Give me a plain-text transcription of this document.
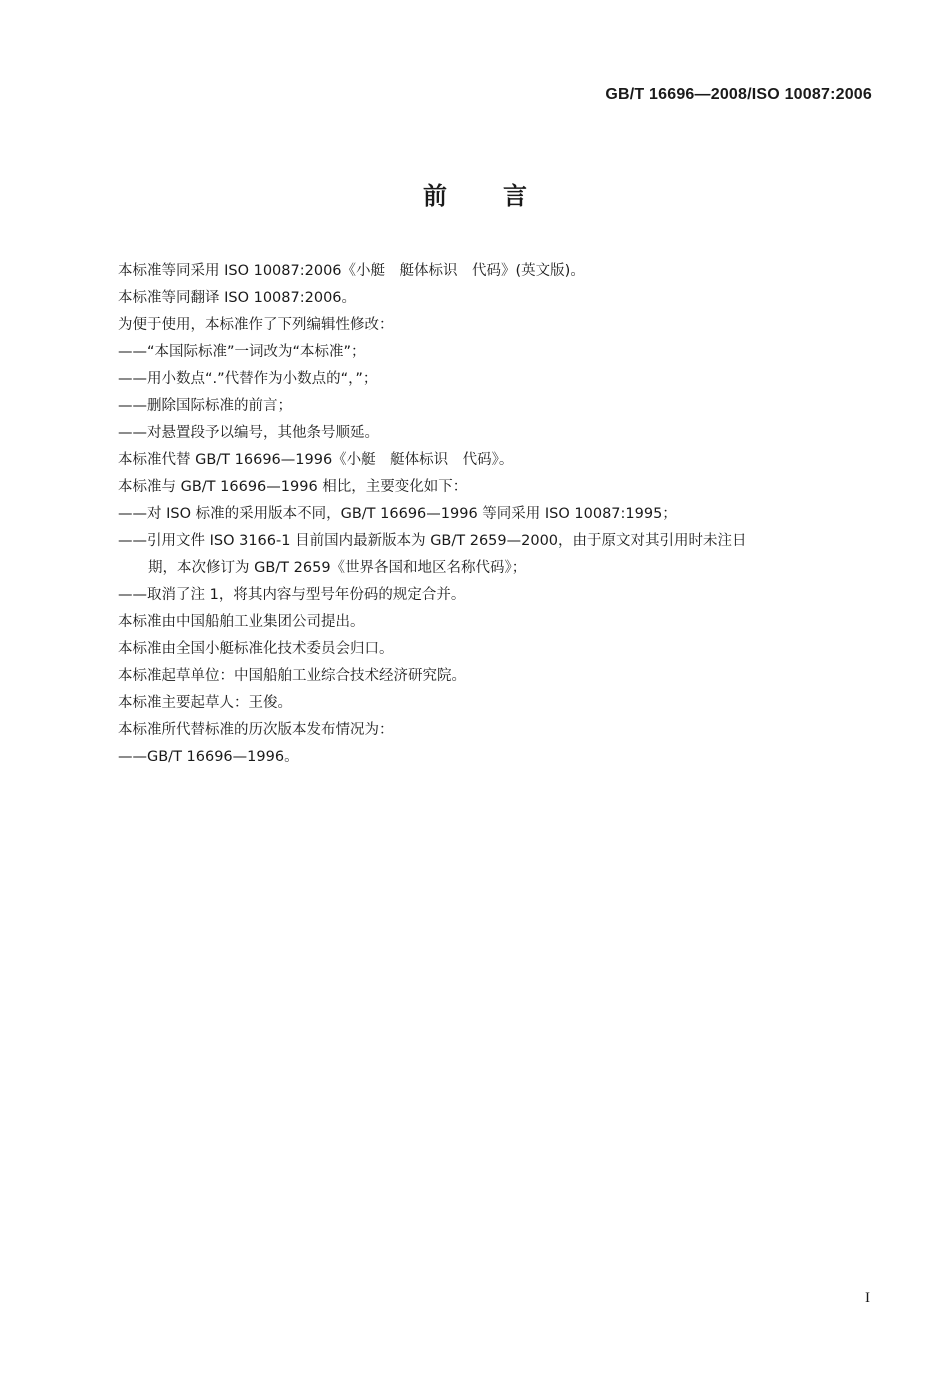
GB/T 16696—2008/ISO 10087:2006
前言
本标准等同采用 ISO 10087:2006《小艇　艇体标识　代码》(英文版)。
本标准等同翻译 ISO 10087:2006。
为便于使用，本标准作了下列编辑性修改：
——“本国际标准”一词改为“本标准”；
——用小数点“.”代替作为小数点的“，”；
——删除国际标准的前言；
——对悬置段予以编号，其他条号顺延。
本标准代替 GB/T 16696—1996《小艇　艇体标识　代码》。
本标准与 GB/T 16696—1996 相比，主要变化如下：
——对 ISO 标准的采用版本不同，GB/T 16696—1996 等同采用 ISO 10087:1995；
——引用文件 ISO 3166-1 目前国内最新版本为 GB/T 2659—2000，由于原文对其引用时未注日
期，本次修订为 GB/T 2659《世界各国和地区名称代码》；
——取消了注 1，将其内容与型号年份码的规定合并。
本标准由中国船舶工业集团公司提出。
本标准由全国小艇标准化技术委员会归口。
本标准起草单位：中国船舶工业综合技术经济研究院。
本标准主要起草人：王俊。
本标准所代替标准的历次版本发布情况为：
——GB/T 16696—1996。
I
